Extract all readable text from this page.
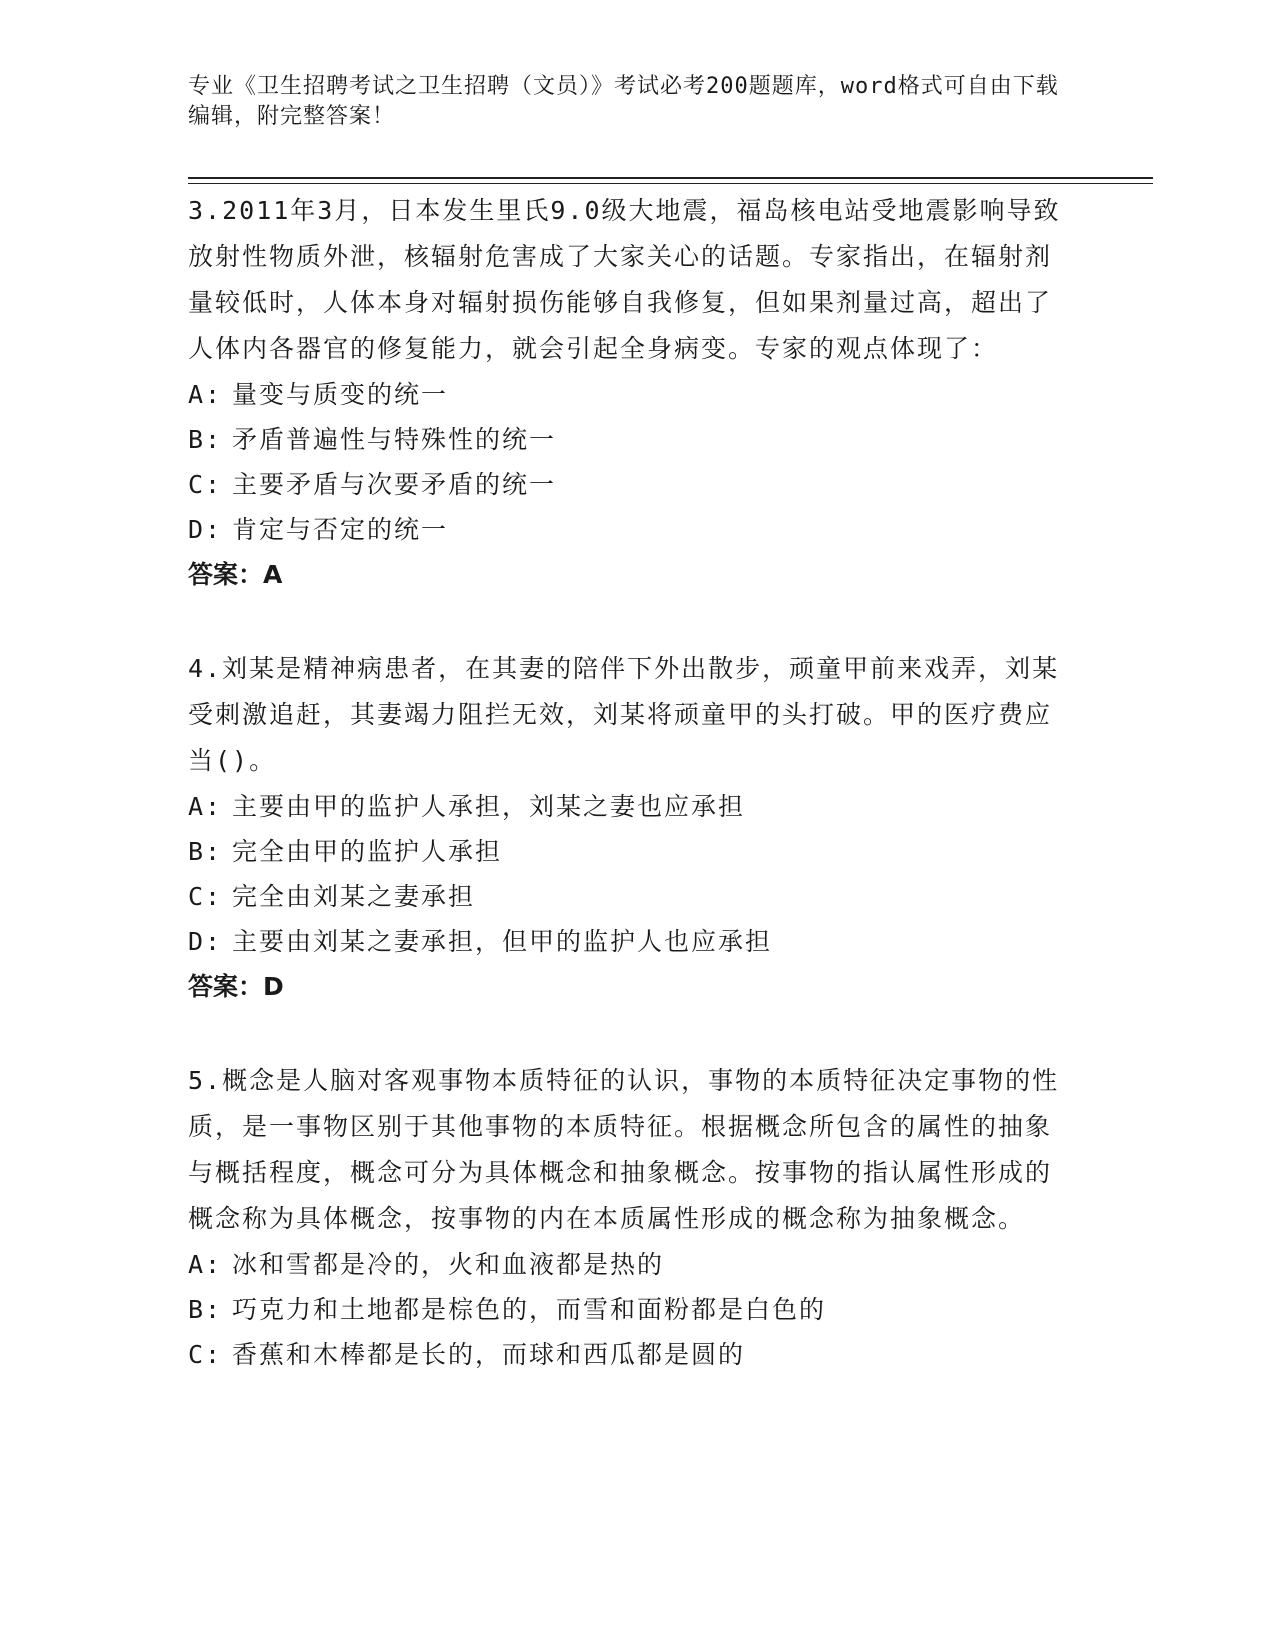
专业《卫生招聘考试之卫生招聘（文员）》考试必考200题题库，word格式可自由下载编辑，附完整答案！
3.2011年3月，日本发生里氏9.0级大地震，福岛核电站受地震影响导致放射性物质外泄，核辐射危害成了大家关心的话题。专家指出，在辐射剂量较低时，人体本身对辐射损伤能够自我修复，但如果剂量过高，超出了人体内各器官的修复能力，就会引起全身病变。专家的观点体现了：
A: 量变与质变的统一
B: 矛盾普遍性与特殊性的统一
C: 主要矛盾与次要矛盾的统一
D: 肯定与否定的统一
答案：A
4.刘某是精神病患者，在其妻的陪伴下外出散步，顽童甲前来戏弄，刘某受刺激追赶，其妻竭力阻拦无效，刘某将顽童甲的头打破。甲的医疗费应当()。
A: 主要由甲的监护人承担，刘某之妻也应承担
B: 完全由甲的监护人承担
C: 完全由刘某之妻承担
D: 主要由刘某之妻承担，但甲的监护人也应承担
答案：D
5.概念是人脑对客观事物本质特征的认识，事物的本质特征决定事物的性质，是一事物区别于其他事物的本质特征。根据概念所包含的属性的抽象与概括程度，概念可分为具体概念和抽象概念。按事物的指认属性形成的概念称为具体概念，按事物的内在本质属性形成的概念称为抽象概念。
A: 冰和雪都是冷的，火和血液都是热的
B: 巧克力和土地都是棕色的，而雪和面粉都是白色的
C: 香蕉和木棒都是长的，而球和西瓜都是圆的
